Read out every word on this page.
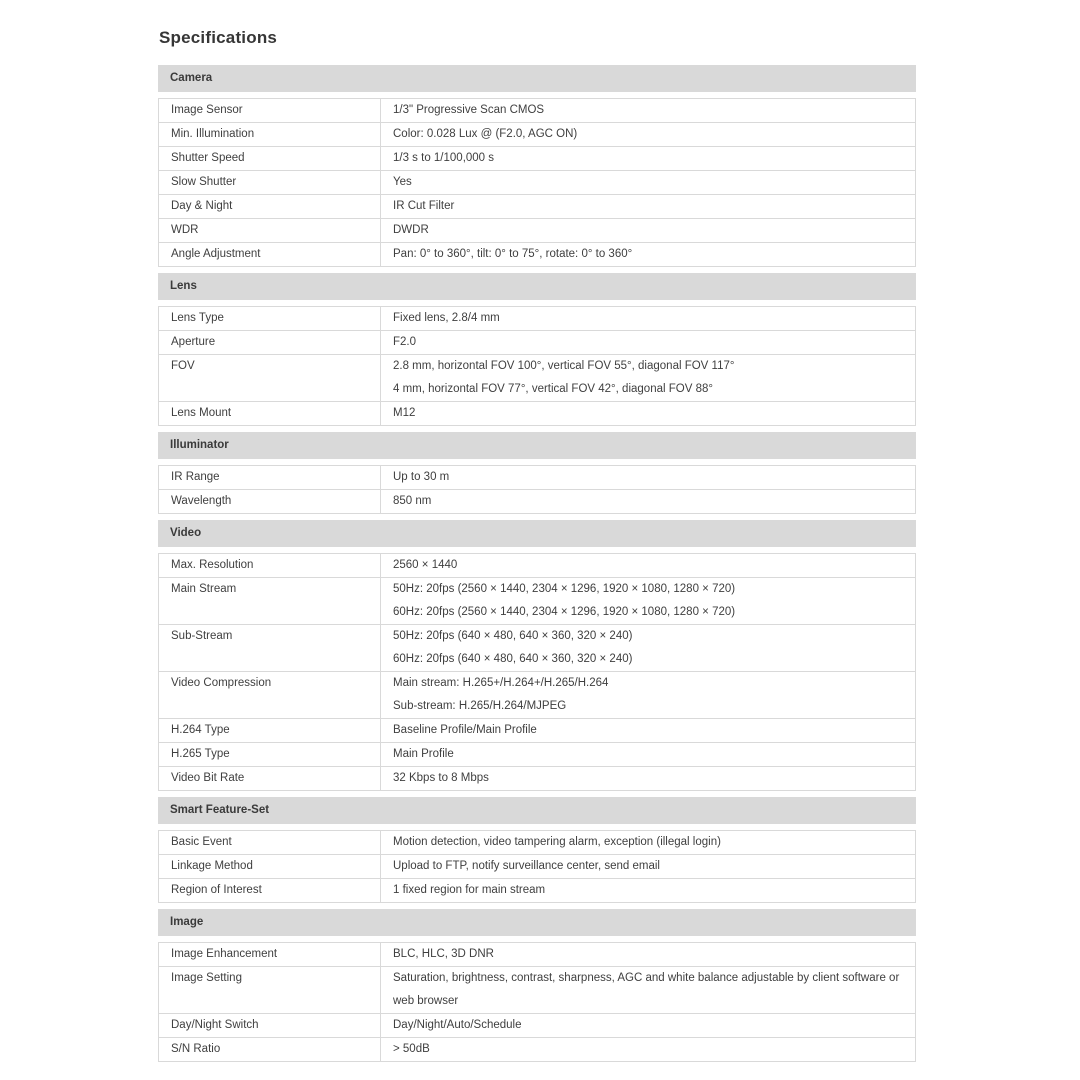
Specifications
Camera
Image Sensor	1/3" Progressive Scan CMOS
Min. Illumination	Color: 0.028 Lux @ (F2.0, AGC ON)
Shutter Speed	1/3 s to 1/100,000 s
Slow Shutter	Yes
Day & Night	IR Cut Filter
WDR	DWDR
Angle Adjustment	Pan: 0° to 360°, tilt: 0° to 75°, rotate: 0° to 360°
Lens
Lens Type	Fixed lens, 2.8/4 mm
Aperture	F2.0
FOV	2.8 mm, horizontal FOV 100°, vertical FOV 55°, diagonal FOV 117°
4 mm, horizontal FOV 77°, vertical FOV 42°, diagonal FOV 88°
Lens Mount	M12
Illuminator
IR Range	Up to 30 m
Wavelength	850 nm
Video
Max. Resolution	2560 × 1440
Main Stream	50Hz: 20fps (2560 × 1440, 2304 × 1296, 1920 × 1080, 1280 × 720)
60Hz: 20fps (2560 × 1440, 2304 × 1296, 1920 × 1080, 1280 × 720)
Sub-Stream	50Hz: 20fps (640 × 480, 640 × 360, 320 × 240)
60Hz: 20fps (640 × 480, 640 × 360, 320 × 240)
Video Compression	Main stream: H.265+/H.264+/H.265/H.264
Sub-stream: H.265/H.264/MJPEG
H.264 Type	Baseline Profile/Main Profile
H.265 Type	Main Profile
Video Bit Rate	32 Kbps to 8 Mbps
Smart Feature-Set
Basic Event	Motion detection, video tampering alarm, exception (illegal login)
Linkage Method	Upload to FTP, notify surveillance center, send email
Region of Interest	1 fixed region for main stream
Image
Image Enhancement	BLC, HLC, 3D DNR
Image Setting	Saturation, brightness, contrast, sharpness, AGC and white balance adjustable by client software or web browser
Day/Night Switch	Day/Night/Auto/Schedule
S/N Ratio	> 50dB
